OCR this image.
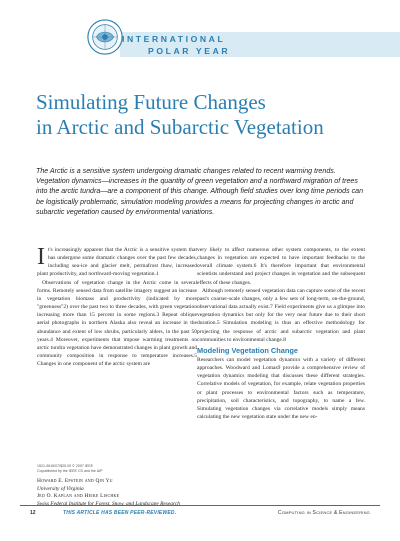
INTERNATIONAL
POLAR YEAR
Simulating Future Changes
in Arctic and Subarctic Vegetation

The Arctic is a sensitive system undergoing dramatic changes related to recent warming trends. Vegetation dynamics—increases in the quantity of green vegetation and a northward migration of trees into the arctic tundra—are a component of this change. Although field studies over long time periods can be logistically problematic, simulation modeling provides a means for projecting changes in arctic and subarctic vegetation caused by environmental variations.

It's increasingly apparent that the Arctic is a sensitive system that has undergone some dramatic changes over the past few decades, including sea-ice and glacier melt, permafrost thaw, increased plant productivity, and northward-moving vegetation.1

Observations of vegetation change in the Arctic come in several forms. Remotely sensed data from satellite imagery suggest an increase in vegetation biomass and productivity (indicated by more "greenness"2) over the past two to three decades, with green vegetation increasing more than 15 percent in some regions.3 Repeat oblique aerial photographs in northern Alaska also reveal an increase in the abundance and extent of low shrubs, particularly alders, in the past 50 years.4 Moreover, experiments that impose warming treatments on arctic tundra vegetation have demonstrated changes in plant growth and community composition in response to temperature increases.5 Changes in one component of the arctic system are

very likely to affect numerous other system components, to the extent changes in vegetation are expected to have important feedbacks to the overall climate system.6 It's therefore important that environmental scientists understand and project changes in vegetation and the subsequent effects of these changes.

Although remotely sensed vegetation data can capture some of the recent past's coarser-scale changes, only a few sets of long-term, on-the-ground, observational data actually exist.7 Field experiments give us a glimpse into vegetation dynamics but only for the very near future due to their short duration.5 Simulation modeling is thus an effective methodology for projecting the response of arctic and subarctic vegetation and plant communities to environmental change.8

Modeling Vegetation Change

Researchers can model vegetation dynamics with a variety of different approaches. Woodward and Lomas9 provide a comprehensive review of vegetation dynamics modeling that discusses these different strategies. Correlative models of vegetation, for example, relate vegetation properties or plant processes to environmental factors such as temperature, precipitation, soil characteristics, and topography, to name a few. Simulating vegetation changes via correlative models simply means calculating the new vegetation state under the new en-

1521-9615/07/$25.00 © 2007 IEEE
Copublished by the IEEE CS and the AIP
Howard E. Epstein and Qin Yu
University of Virginia
Jed O. Kaplan and Heike Lischke
Swiss Federal Institute for Forest, Snow, and Landscape Research
12	THIS ARTICLE HAS BEEN PEER-REVIEWED.	Computing in Science & Engineering
